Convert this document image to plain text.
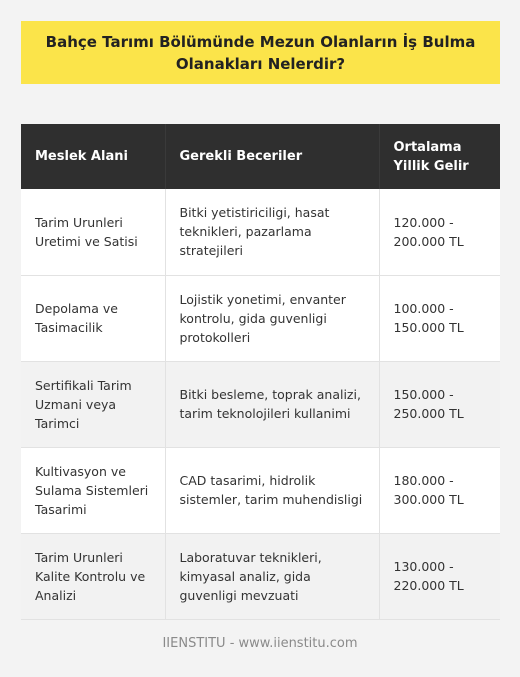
Bahçe Tarımı Bölümünde Mezun Olanların İş Bulma Olanakları Nelerdir?
Meslek Alani	Gerekli Beceriler	Ortalama Yillik Gelir
Tarim Urunleri Uretimi ve Satisi	Bitki yetistiriciligi, hasat teknikleri, pazarlama stratejileri	120.000 - 200.000 TL
Depolama ve Tasimacilik	Lojistik yonetimi, envanter kontrolu, gida guvenligi protokolleri	100.000 - 150.000 TL
Sertifikali Tarim Uzmani veya Tarimci	Bitki besleme, toprak analizi, tarim teknolojileri kullanimi	150.000 - 250.000 TL
Kultivasyon ve Sulama Sistemleri Tasarimi	CAD tasarimi, hidrolik sistemler, tarim muhendisligi	180.000 - 300.000 TL
Tarim Urunleri Kalite Kontrolu ve Analizi	Laboratuvar teknikleri, kimyasal analiz, gida guvenligi mevzuati	130.000 - 220.000 TL
IIENSTITU - www.iienstitu.com
